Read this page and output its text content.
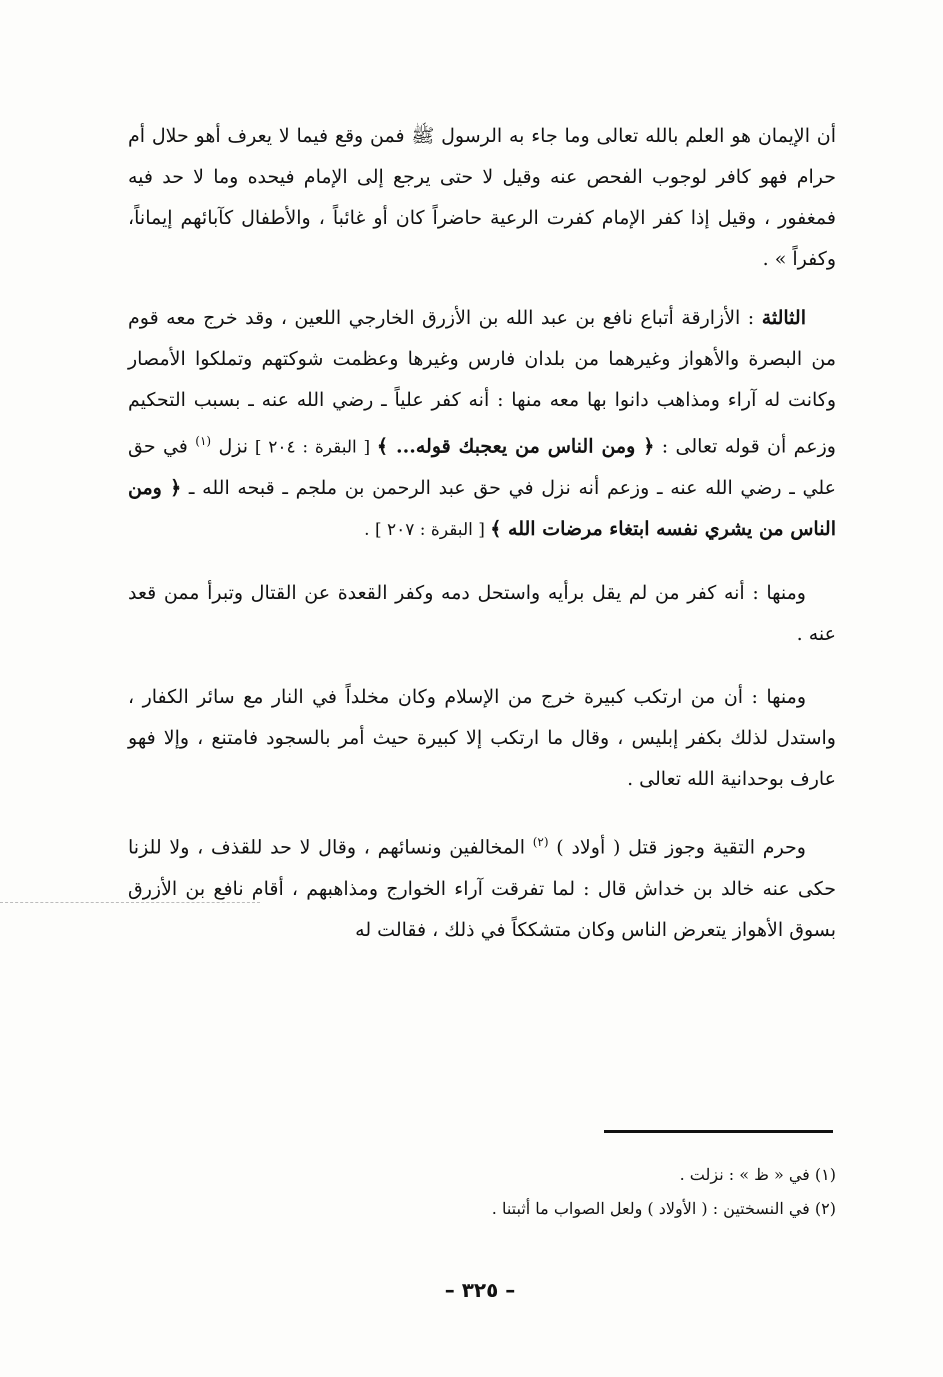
أن الإيمان هو العلم بالله تعالى وما جاء به الرسول ﷺ فمن وقع فيما لا يعرف أهو حلال أم حرام فهو كافر لوجوب الفحص عنه وقيل لا حتى يرجع إلى الإمام فيحده وما لا حد فيه فمغفور ، وقيل إذا كفر الإمام كفرت الرعية حاضراً كان أو غائباً ، والأطفال كآبائهم إيماناً، وكفراً » .

الثالثة : الأزارقة أتباع نافع بن عبد الله بن الأزرق الخارجي اللعين ، وقد خرج معه قوم من البصرة والأهواز وغيرهما من بلدان فارس وغيرها وعظمت شوكتهم وتملكوا الأمصار وكانت له آراء ومذاهب دانوا بها معه منها : أنه كفر علياً ـ رضي الله عنه ـ بسبب التحكيم وزعم أن قوله تعالى : ﴿ ومن الناس من يعجبك قوله... ﴾ [ البقرة : ٢٠٤ ] نزل $^{(١)}$ في حق علي ـ رضي الله عنه ـ وزعم أنه نزل في حق عبد الرحمن بن ملجم ـ قبحه الله ـ ﴿ ومن الناس من يشري نفسه ابتغاء مرضات الله ﴾ [ البقرة : ٢٠٧ ] .

ومنها : أنه كفر من لم يقل برأيه واستحل دمه وكفر القعدة عن القتال وتبرأ ممن قعد عنه .

ومنها : أن من ارتكب كبيرة خرج من الإسلام وكان مخلداً في النار مع سائر الكفار ، واستدل لذلك بكفر إبليس ، وقال ما ارتكب إلا كبيرة حيث أمر بالسجود فامتنع ، وإلا فهو عارف بوحدانية الله تعالى .

وحرم التقية وجوز قتل ( أولاد ) $^{(٢)}$ المخالفين ونسائهم ، وقال لا حد للقذف ، ولا للزنا حكى عنه خالد بن خداش قال : لما تفرقت آراء الخوارج ومذاهبهم ، أقام نافع بن الأزرق بسوق الأهواز يتعرض الناس وكان متشككاً في ذلك ، فقالت له

(١) في « ظ » : نزلت .

(٢) في النسختين : ( الأولاد ) ولعل الصواب ما أثبتنا .

– ٣٢٥ –
